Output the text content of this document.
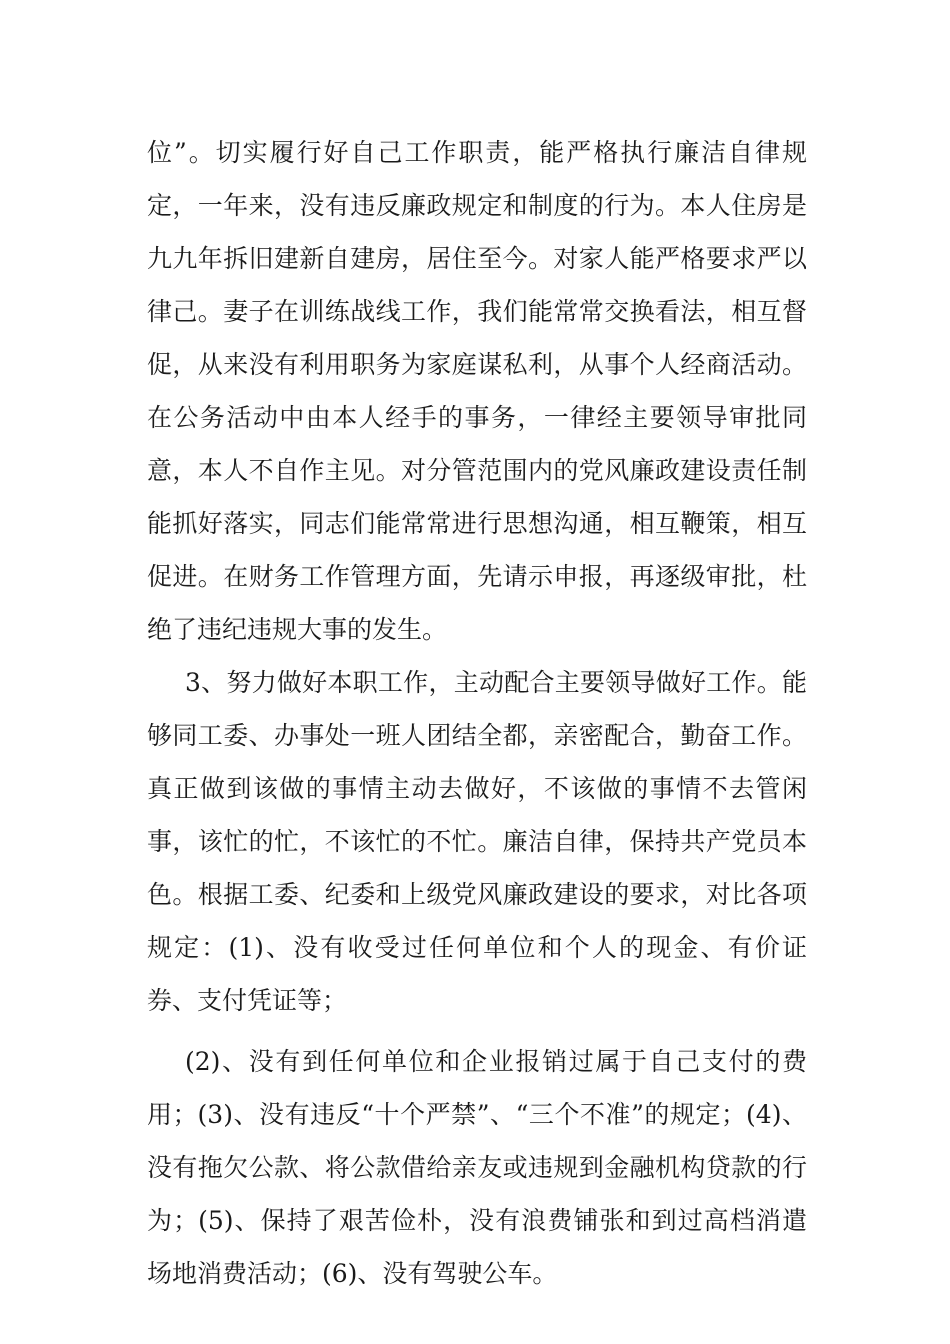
位”。切实履行好自己工作职责，能严格执行廉洁自律规定，一年来，没有违反廉政规定和制度的行为。本人住房是九九年拆旧建新自建房，居住至今。对家人能严格要求严以律己。妻子在训练战线工作，我们能常常交换看法，相互督促，从来没有利用职务为家庭谋私利，从事个人经商活动。在公务活动中由本人经手的事务，一律经主要领导审批同意，本人不自作主见。对分管范围内的党风廉政建设责任制能抓好落实，同志们能常常进行思想沟通，相互鞭策，相互促进。在财务工作管理方面，先请示申报，再逐级审批，杜绝了违纪违规大事的发生。

3、努力做好本职工作，主动配合主要领导做好工作。能够同工委、办事处一班人团结全都，亲密配合，勤奋工作。真正做到该做的事情主动去做好，不该做的事情不去管闲事，该忙的忙，不该忙的不忙。廉洁自律，保持共产党员本色。根据工委、纪委和上级党风廉政建设的要求，对比各项规定：(1)、没有收受过任何单位和个人的现金、有价证券、支付凭证等；

(2)、没有到任何单位和企业报销过属于自己支付的费用；(3)、没有违反“十个严禁”、“三个不准”的规定；(4)、没有拖欠公款、将公款借给亲友或违规到金融机构贷款的行为；(5)、保持了艰苦俭朴，没有浪费铺张和到过高档消遣场地消费活动；(6)、没有驾驶公车。
